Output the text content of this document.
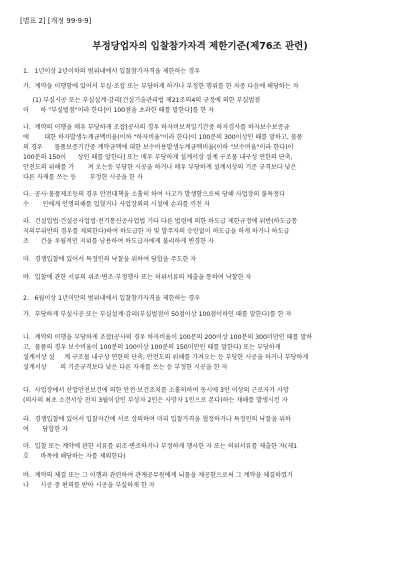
[별표 2] [개정 99·9·9]
부정당업자의 입찰참가자격 제한기준(제76조 관련)
1.   1년이상 2년이하의 범위내에서 입찰참가자격을 제한하는 경우
가.  계약을 이행함에 있어서 부실·조잡 또는 부당하게 하거나 부정한 행위를 한 자중 다음에 해당하는 자
(1) 부실시공 또는 부실설계·감리[건설기술관리법 제21조의4의 규정에 의한 부실벌점
이      하 "부실벌점"이라 한다]이 100점을 초과한 때를 말한다]를 한 자
나.  계약의 이행을 매우 부당하게 조잡[공사의 경우 하자비보적일기간중 하자검사를 하자보수보증금
에        대한 하자발생누계금액비율(이하 "하자비율"이라 한다)이 100분의 300이상인 때를 말하고, 물품
의 경우      물품보증기간중 계약금액에 대한 보수비용발생누계금액비율(이하 "보수비율"이라 한다)이
100분의 150이      상인 때를 말한다] 또는 매우 부당하게 설계서상 설계 구조물 내구성 연한의 단축,
안전도의 위해를 가       져 오는등 부당한 시공을 하거나 매우 부당하게 설계서상의 기준 규격보다 낮은
다른 자재를 쓰는 등       부정한 시공을 한 자
다.  공사·물품제조등의 경우 안전대책을 소홀히 하여 사고가 발생함으로써 당해 사업장의 불특정다
수       인에게 인명피해를 입혔거나 사업장외의 시설에 손괴를 끼친 자
라.  건설업법·건설공사업법·전기통신공사업법 기타 다른 법령에 의한 하도급 제한규정에 위반(하도급통
지의무위반의 경우를 제외한다)하여 하도급한 자 및 발주자의 승인없이 하도급을 하게 하거나 하도급
조      건을 우월적인 지위를 남용하여 하도급자에게 불리하게 변경한 자
마.  경쟁입찰에 있어서 특정인의 낙찰을 위하여 담합을 주도한 자
바.  입찰에 관한 서류의 위조·변조·부정행사 또는 허위서류의 제출을 통하여 낙찰한 자
2.   6월이상 1년미만의 범위내에서 입찰참가자격을 제한하는 경우
가.  부당하게 부실시공 또는 부실설계·감리(부실벌점이 50점이상 100점이하인 때를 말한다)를 한 자
나.  계약의 이행을 부당하게 조잡(공사의 경우 하자비율이 100분의 200이상 100분의 300미만인 때를 말하
고,  물품의 경우 보수비율이 100분의 100이상 100분의 150미만인 때를 말한다) 또는 부당하게
설계서상 설     계 구조물 내구성 연한의 단축, 안전도의 위해를 가져오는 등 부당한 시공을 하거나 부당하게
설계서상       의 기준규격보다 낮은 다른 자재를 쓰는 등 부정한 시공을 한 자
다.  사업장에서 산업안전보건에 의한 안전·보건조치를 소홀히하여 동시에 3인 이상의 근로자가 사망
(의사의 최초 소견서상 전치 3월이상인 부상자 2인은 사망자 1인으로 본다)하는 재해를 발생시킨 자
라.  경쟁입찰에 있어서 입찰자간에 서로 상의하여 미리 입찰가격을 협정하거나 특정인의 낙찰을 위하
여       담합한 자
마.  입찰 또는 계약에 관한 서류를 위조·변조하거나 부정하게 행사한 자 또는 허위서류를 제출한 자(제1
호      바목에 해당하는 자를 제외한다)
바.  계약의 체결 또는 그 이행과 관련하여 관계공무원에게 뇌물을 제공함으로써 그 계약을 체결하였거
나      시공 중 편의를 받아 시공을 부실하게 한 자
